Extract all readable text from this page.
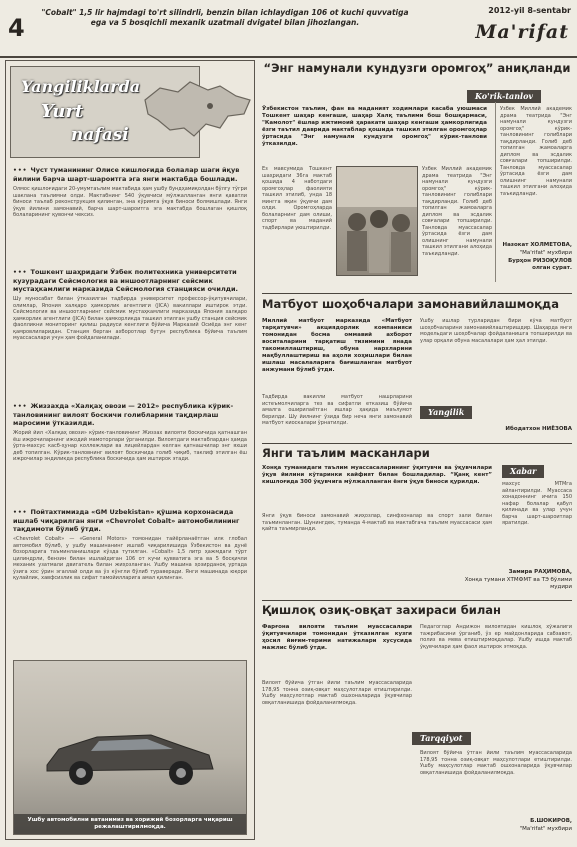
4
"Cobalt" 1,5 lir hajmdagi to'rt silindrli, benzin bilan ichlaydigan 106 ot kuchi quvvatiga ega va 5 bosqichli mexanik uzatmali dvigatel bilan jihozlangan.
2012-yil 8-sentabr
Ma'rifat
Yangiliklarda
Yurt
nafasi
••• Чуст туманининг Олисе кишлоғида болалар шаги йқув йилини барча шарт-шароитга эга янги мактабда бошлади.
Олмос қишлоғидаги 20-умумтаълим мактабида ҳам ушбу бундҳамиқолдан бўлгу тўгри шаклана таълимни олди. Мактабнинг 540 ўқувчиси мўлжалланган янги қаватли биноси таълаб реконструкция қилинган, эна кўримга ўқув биноси болмишлади. Янги ўқув йилини замонавий, барча шарт-шароитга эга мактабда бошлаган қишлоқ болаларининг қувончи чексиз.
••• Тошкент шаҳридаги Ўзбек политехника университети кузурадаги Сейсмология ва иншоотларнинг сейсмик мустаҳкамлиги марказида Сейсмология станцияси очилди.
Шу муносабат билан ўтказилган тадбирда университет профессор-ўқитувчилари, олимлар, Япония халқаро ҳамкорлик агентлиги (JICA) вакиллари иштирок этди. Сейсмология ва иншоотларнинг сейсмик мустаҳкамлиги марказида Япония халқаро ҳамкорлик агентлиги (JICA) билан ҳамкорликда ташкил этилган ушбу станция сейсмик фаолликни мониторинг қилиш радиуси кенглиги бўйича Марказий Осиёда энг кенг қамровлиларидан. Станция берган ахборотлар бутун республика бўйича таълим муассасалари учун ҳам фойдаланилади.
••• Жиззахда «Халқаҳ овози — 2012» республика кўрик-танловининг вилоят боскичи голибларини тақдирлаш маросими ўтказилди.
Жорий йил «Халқаҳ овози» кўрик-танловининг Жиззах вилояти боскичида қатнашган ёш ижрочиларнинг ижодий мамоторлари ўрганилди. Вилоятдаги мактаблардан ҳамда ўрта-махсус касб-ҳунар коллежлари ва лицейлардан келган қатнашчилар энг яхши деб топилган. Кўрик-танловнинг вилоят боскичида голиб чиқиб, таклиф этилган ёш ижрочилар эндиликда республика боскичида ҳам иштирок этади.
••• Пойтахтимизда «GM Uzbekistan» қўшма корхонасида ишлаб чиқарилган янги «Chevrolet Cobalt» автомобилининг тақдимоти бўлиб ўтди.
«Chevrolet Cobalt» — «General Motors» томонидан тайёрланаётган илк глобал автомобил бўлиб, у ушбу машинанинг ишлаб чиқарилишида Ўзбекистон ва дунё бозорларига таъминланишлари кўзда тутилган. «Cobalt» 1,5 литр ҳажмдаги тўрт цилиндрли, бензин билан ишлайдиган 106 от кучи қувватига эга ва 5 босқичли механик узатмали двигатель билан жиҳозланган. Ушбу машина ҳозирданоқ уртада ўзига хос ўрин эгаллай олди ва ўз кўнгли бўлиб тураверади. Янги машинада юқори қулайлик, хавфсизлик ва сифат тамойилларига амал қилинган.
Ушбу автомобилни ватанимиз ва хорижий бозорларга чиқариш режалаштирилмоқда.
“Энг намунали кундузги оромгоҳ” аниқланди
Ko'rik-tanlov
Ўзбекистон таълим, фан ва маданият ходимлари касаба уюшмаси Тошкент шаҳар кенгаши, шаҳар Халқ таълими бош бошқармаси, "Камолот" ёшлар ижтимоий ҳаракати шаҳар кенгаши ҳамкорлигида ёзги таътил даврида мактаблар қошида ташкил этилган оромгоҳлар ўртасида "Энг намунали кундузги оромгоҳ" кўрик-танлови ўтказилди.
Ёз мавсумида Тошкент шаҳридаги 36га мактаб қошида 4 наботдаги оромгоҳлар фаолияти ташкил этилиб, унда 18 мингга яқин ўқувчи дам олди. Оромгоҳларда болаларнинг дам олиши, спорт ва маданий тадбирлари уюштирилди.
Ўзбек Миллий академик драма театрида "Энг намунали кундузги оромгоҳ" кўрик-танловининг голиблари тақдирланди. Голиб деб топилган жамоаларга диплом ва эсдалик совғалари топширилди. Танловда муассасалар ўртасида ёзги дам олишнинг намунали ташкил этилгани алоҳида таъкидланди.
Ўзбек Миллий академик драма театрида "Энг намунали кундузги оромгоҳ" кўрик-танловининг голиблари тақдирланди. Голиб деб топилган жамоаларга диплом ва эсдалик совғалари топширилди. Танловда муассасалар ўртасида ёзги дам олишнинг намунали ташкил этилгани алоҳида таъкидланди.
Назокат ХОЛМЕТОВА,
"Ma'rifat" мухбири
Бурҳон РИЗОҚУЛОВ олган сурат.
Матбуот шоҳобчалари замонавийлашмоқда
Миллий матбуот марказида «Матбуот тарқатувчи» акциядорлик компанияси томонидан босма оммавий ахборот воситаларини тарқатиш тизимини янада такомиллаштириш, обуна нархларини мақбуллаштириш ва аҳоли хоҳишлари билан ишлаш масалаларига бағишланган матбуот анжумани бўлиб ўтди.
Тадбирда вакилли матбуот нашрларини истеъмолчиларга тез ва сифатли етказиш бўйича амалга оширилаётган ишлар ҳақида маълумот берилди. Шу йилнинг ўзида бир неча янги замонавий матбуот киоскалари ўрнатилди.
Ушбу ишлар турларидан бири кўча матбуот шоҳобчаларини замонавийлаштиришдир. Шаҳарда янги модельдаги шоҳобчалар фойдаланишга топширилди ва улар орқали обуна масалалари ҳам ҳал этилди.
Yangilik
Ибодатхон НИЁЗОВА
Янги таълим масканлари
Хонқа туманидаги таълим муассасаларининг ўқитувчи ва ўқувчилари ўқув йилини кўтаринки кайфият билан бошладилар. “Қанқ кент” кишлоғида 300 ўқувчига мўлжалланган ёнги ўқув биноси қурилди.
Янги ўқув биноси замонавий жиҳозлар, синфхоналар ва спорт зали билан таъминланган. Шунингдек, туманда 4-мактаб ва мактабгача таълим муассасаси ҳам қайта таъмирланди.
Xabar
махсус МТМга айлантирилди. Муассаса хонадоннинг ичига 150 нафар болалар қабул қилинади ва улар учун барча шарт-шароитлар яратилди.
Замира РАҲИМОВА,
Хонқа тумани ХТМФМТ ва ТЭ бўлими мудири
Қишлоқ озиқ-овқат захираси билан
Фарғона вилояти таълим муассасалари ўқитувчилари томонидан ўтказилган кузги ҳосил йиғим-терими натижалари хусусида мажлис бўлиб ўтди.
Вилоят бўйича ўтган йили таълим муассасаларида 178,95 тонна озиқ-овқат маҳсулотлари етиштирилди. Ушбу маҳсулотлар мактаб ошхоналарида ўқувчилар овқатланишида фойдаланилмоқда.
Tarqqiyot
Педагоглар Андижон вилоятидан кишлоқ хўжалиги тажрибасини ўрганиб, ўз ер майдонларида сабзавот, полиз ва мева етиштирмоқдалар. Ушбу ишда мактаб ўқувчилари ҳам фаол иштирок этмоқда.
Вилоят бўйича ўтган йили таълим муассасаларида 178,95 тонна озиқ-овқат маҳсулотлари етиштирилди. Ушбу маҳсулотлар мактаб ошхоналарида ўқувчилар овқатланишида фойдаланилмоқда.
Б.ШОКИРОВ,
"Ma'rifat" мухбири
